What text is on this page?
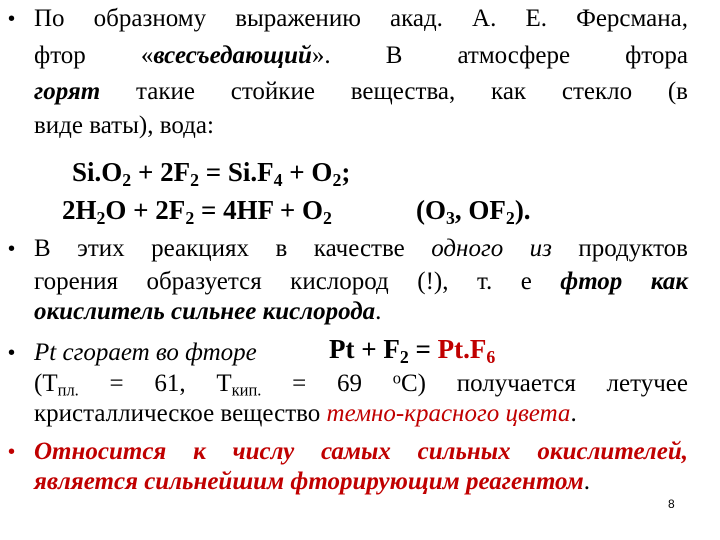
• По образному выражению акад. А. Е. Ферсмана,
фтор «всесъедающий». В атмосфере фтора
горят такие стойкие вещества, как стекло (в
виде ваты), вода:
$Si.O_2 + 2F_2 = Si.F_4 + O_2$;
$2H_2O + 2F_2 = 4HF + O_2$	($O_3$, $OF_2$).
• В этих реакциях в качестве одного из продуктов
горения образуется кислород (!), т. е фтор как
окислитель сильнее кислорода.
• Pt сгорает во фторе	$Pt + F_2 = Pt.F_6$
($T_{пл.} = 61$, $T_{кип.} = 69$ $^o$C) получается летучее
кристаллическое вещество темно-красного цвета.
• Относится к числу самых сильных окислителей,
является сильнейшим фторирующим реагентом.
8
